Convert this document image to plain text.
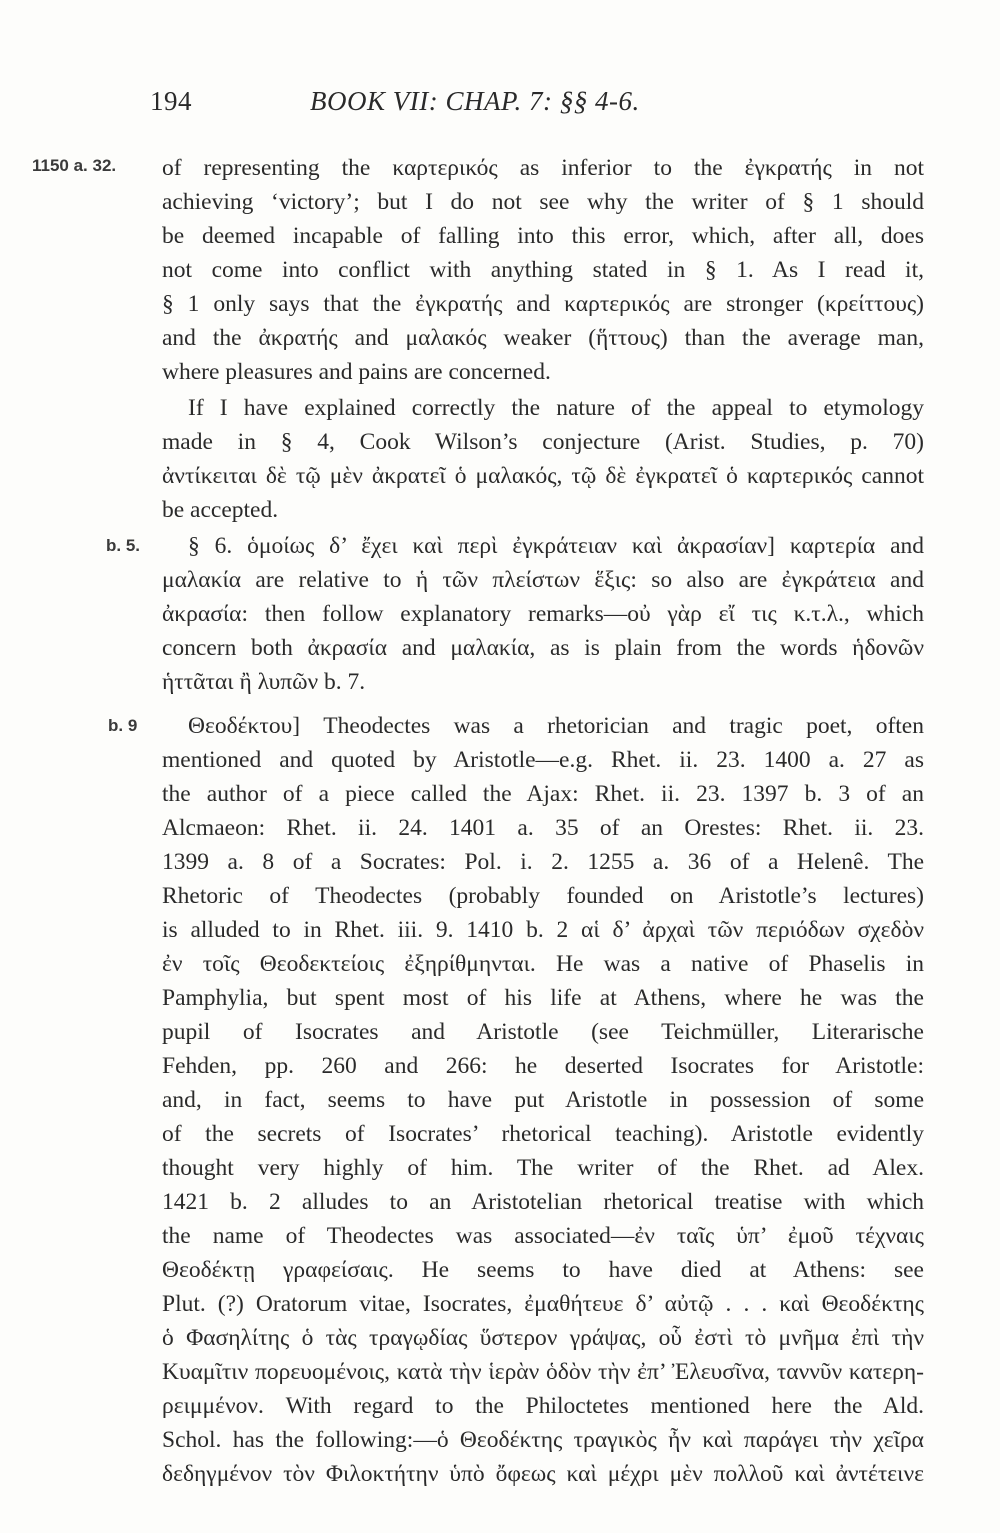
194	BOOK VII: CHAP. 7: §§ 4-6.
1150 a. 32.	of representing the καρτερικός as inferior to the ἐγκρατής in not
achieving ‘victory’; but I do not see why the writer of § 1 should
be deemed incapable of falling into this error, which, after all, does
not come into conflict with anything stated in § 1. As I read it,
§ 1 only says that the ἐγκρατής and καρτερικός are stronger (κρείττους)
and the ἀκρατής and μαλακός weaker (ἥττους) than the average man,
where pleasures and pains are concerned.
If I have explained correctly the nature of the appeal to etymology
made in § 4, Cook Wilson’s conjecture (Arist. Studies, p. 70)
ἀντίκειται δὲ τῷ μὲν ἀκρατεῖ ὁ μαλακός, τῷ δὲ ἐγκρατεῖ ὁ καρτερικός cannot
be accepted.
b. 5.	§ 6. ὁμοίως δ’ ἔχει καὶ περὶ ἐγκράτειαν καὶ ἀκρασίαν] καρτερία and
μαλακία are relative to ἡ τῶν πλείστων ἕξις: so also are ἐγκράτεια and
ἀκρασία: then follow explanatory remarks—οὐ γὰρ εἴ τις κ.τ.λ., which
concern both ἀκρασία and μαλακία, as is plain from the words ἡδονῶν
ἡττᾶται ἢ λυπῶν b. 7.
b. 9	Θεοδέκτου] Theodectes was a rhetorician and tragic poet, often
mentioned and quoted by Aristotle—e.g. Rhet. ii. 23. 1400 a. 27 as
the author of a piece called the Ajax: Rhet. ii. 23. 1397 b. 3 of an
Alcmaeon: Rhet. ii. 24. 1401 a. 35 of an Orestes: Rhet. ii. 23.
1399 a. 8 of a Socrates: Pol. i. 2. 1255 a. 36 of a Helenê. The
Rhetoric of Theodectes (probably founded on Aristotle’s lectures)
is alluded to in Rhet. iii. 9. 1410 b. 2 αἱ δ’ ἀρχαὶ τῶν περιόδων σχεδὸν
ἐν τοῖς Θεοδεκτείοις ἐξηρίθμηνται. He was a native of Phaselis in
Pamphylia, but spent most of his life at Athens, where he was the
pupil of Isocrates and Aristotle (see Teichmüller, Literarische
Fehden, pp. 260 and 266: he deserted Isocrates for Aristotle:
and, in fact, seems to have put Aristotle in possession of some
of the secrets of Isocrates’ rhetorical teaching). Aristotle evidently
thought very highly of him. The writer of the Rhet. ad Alex.
1421 b. 2 alludes to an Aristotelian rhetorical treatise with which
the name of Theodectes was associated—ἐν ταῖς ὑπ’ ἐμοῦ τέχναις
Θεοδέκτῃ γραφείσαις. He seems to have died at Athens: see
Plut. (?) Oratorum vitae, Isocrates, ἐμαθήτευε δ’ αὐτῷ . . . καὶ Θεοδέκτης
ὁ Φασηλίτης ὁ τὰς τραγῳδίας ὕστερον γράψας, οὗ ἐστὶ τὸ μνῆμα ἐπὶ τὴν
Κυαμῖτιν πορευομένοις, κατὰ τὴν ἱερὰν ὁδὸν τὴν ἐπ’ Ἐλευσῖνα, ταννῦν κατερη-
ρειμμένον. With regard to the Philoctetes mentioned here the Ald.
Schol. has the following:—ὁ Θεοδέκτης τραγικὸς ἦν καὶ παράγει τὴν χεῖρα
δεδηγμένον τὸν Φιλοκτήτην ὑπὸ ὄφεως καὶ μέχρι μὲν πολλοῦ καὶ ἀντέτεινε
